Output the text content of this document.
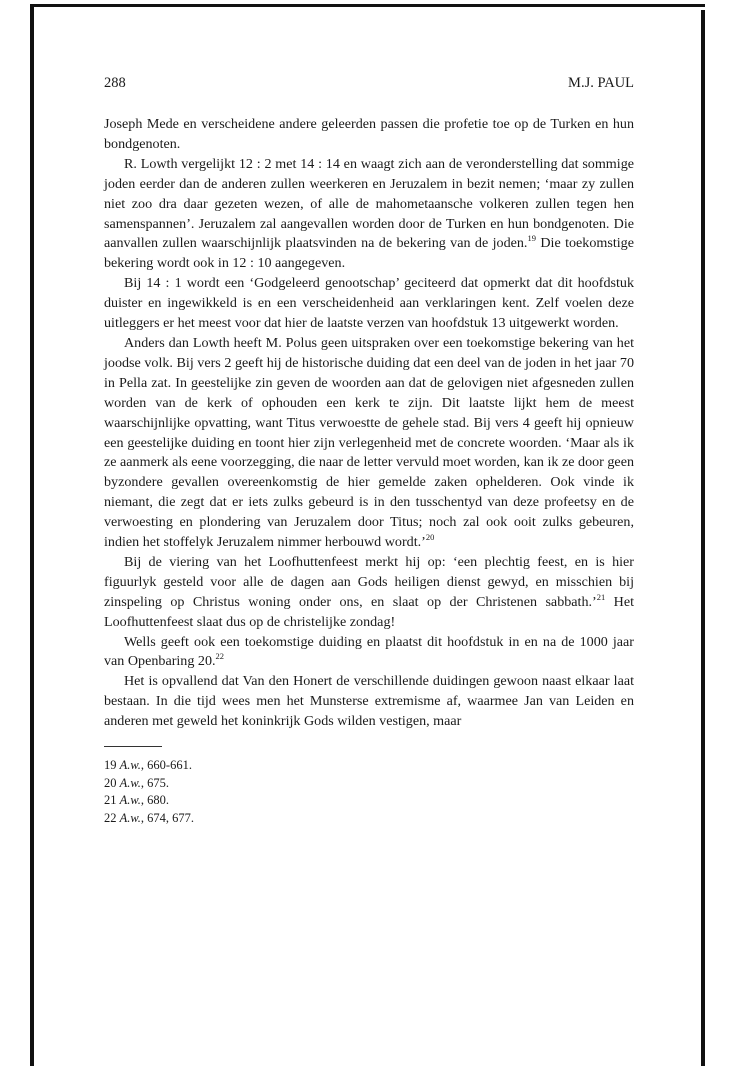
288	M.J. PAUL

Joseph Mede en verscheidene andere geleerden passen die profetie toe op de Turken en hun bondgenoten.

R. Lowth vergelijkt 12 : 2 met 14 : 14 en waagt zich aan de veronderstelling dat sommige joden eerder dan de anderen zullen weerkeren en Jeruzalem in bezit nemen; ‘maar zy zullen niet zoo dra daar gezeten wezen, of alle de mahometaansche volkeren zullen tegen hen samenspannen’. Jeruzalem zal aangevallen worden door de Turken en hun bondgenoten. Die aanvallen zullen waarschijnlijk plaatsvinden na de bekering van de joden.$^{19}$ Die toekomstige bekering wordt ook in 12 : 10 aangegeven.

Bij 14 : 1 wordt een ‘Godgeleerd genootschap’ geciteerd dat opmerkt dat dit hoofdstuk duister en ingewikkeld is en een verscheidenheid aan verklaringen kent. Zelf voelen deze uitleggers er het meest voor dat hier de laatste verzen van hoofdstuk 13 uitgewerkt worden.

Anders dan Lowth heeft M. Polus geen uitspraken over een toekomstige bekering van het joodse volk. Bij vers 2 geeft hij de historische duiding dat een deel van de joden in het jaar 70 in Pella zat. In geestelijke zin geven de woorden aan dat de gelovigen niet afgesneden zullen worden van de kerk of ophouden een kerk te zijn. Dit laatste lijkt hem de meest waarschijnlijke opvatting, want Titus verwoestte de gehele stad. Bij vers 4 geeft hij opnieuw een geestelijke duiding en toont hier zijn verlegenheid met de concrete woorden. ‘Maar als ik ze aanmerk als eene voorzegging, die naar de letter vervuld moet worden, kan ik ze door geen byzondere gevallen overeenkomstig de hier gemelde zaken ophelderen. Ook vinde ik niemant, die zegt dat er iets zulks gebeurd is in den tusschentyd van deze profeetsy en de verwoesting en plondering van Jeruzalem door Titus; noch zal ook ooit zulks gebeuren, indien het stoffelyk Jeruzalem nimmer herbouwd wordt.’$^{20}$

Bij de viering van het Loofhuttenfeest merkt hij op: ‘een plechtig feest, en is hier figuurlyk gesteld voor alle de dagen aan Gods heiligen dienst gewyd, en misschien bij zinspeling op Christus woning onder ons, en slaat op der Christenen sabbath.’$^{21}$ Het Loofhuttenfeest slaat dus op de christelijke zondag!

Wells geeft ook een toekomstige duiding en plaatst dit hoofdstuk in en na de 1000 jaar van Openbaring 20.22

Het is opvallend dat Van den Honert de verschillende duidingen gewoon naast elkaar laat bestaan. In die tijd wees men het Munsterse extremisme af, waarmee Jan van Leiden en anderen met geweld het koninkrijk Gods wilden vestigen, maar

19 A.w., 660-661.

20 A.w., 675.

21 A.w., 680.

22 A.w., 674, 677.
